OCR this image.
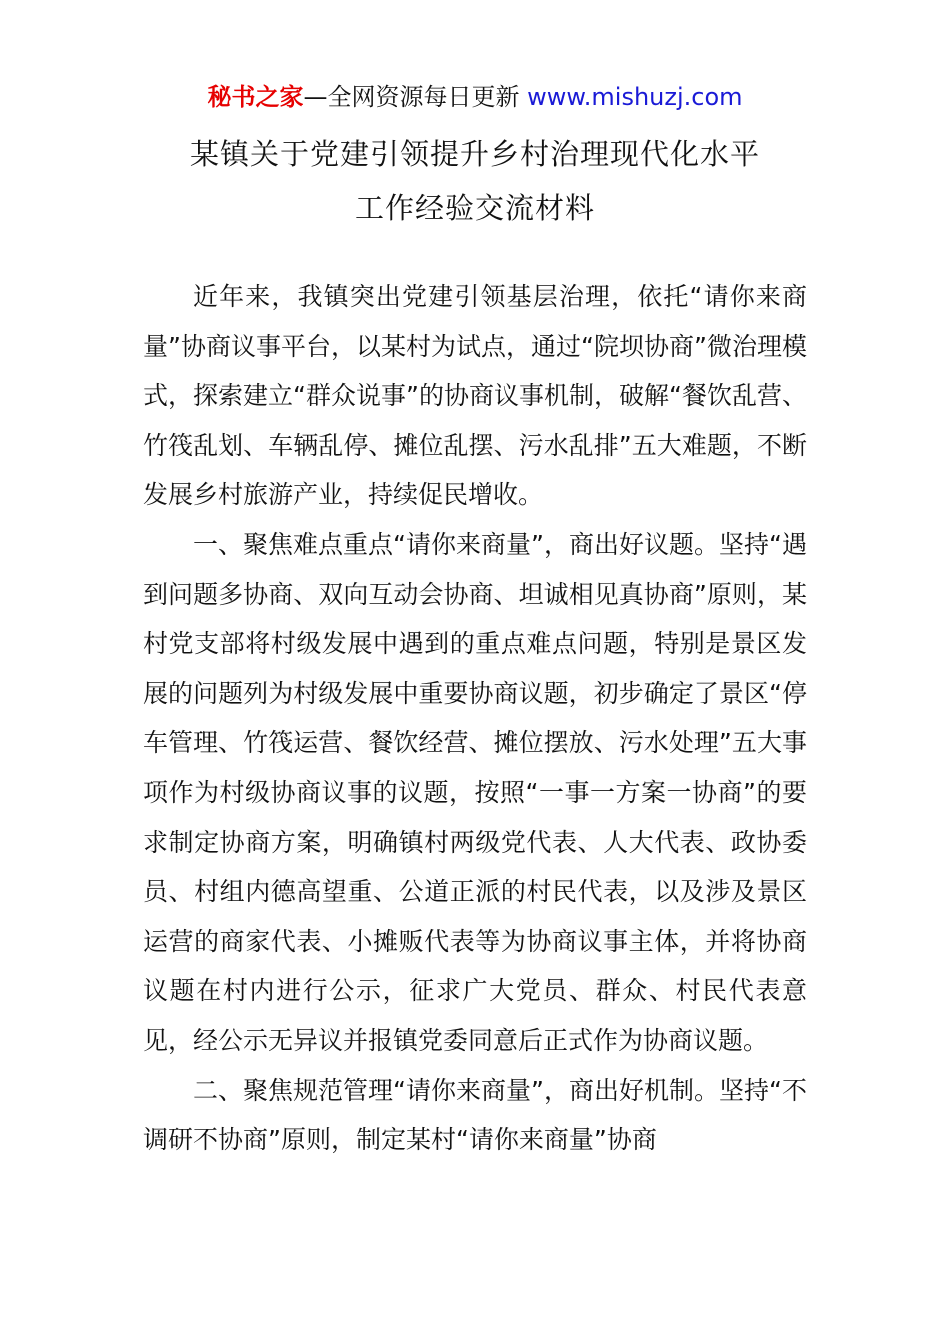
秘书之家—全网资源每日更新 www.mishuzj.com
某镇关于党建引领提升乡村治理现代化水平
工作经验交流材料

近年来，我镇突出党建引领基层治理，依托“请你来商量”协商议事平台，以某村为试点，通过“院坝协商”微治理模式，探索建立“群众说事”的协商议事机制，破解“餐饮乱营、竹筏乱划、车辆乱停、摊位乱摆、污水乱排”五大难题，不断发展乡村旅游产业，持续促民增收。

一、聚焦难点重点“请你来商量”，商出好议题。坚持“遇到问题多协商、双向互动会协商、坦诚相见真协商”原则，某村党支部将村级发展中遇到的重点难点问题，特别是景区发展的问题列为村级发展中重要协商议题，初步确定了景区“停车管理、竹筏运营、餐饮经营、摊位摆放、污水处理”五大事项作为村级协商议事的议题，按照“一事一方案一协商”的要求制定协商方案，明确镇村两级党代表、人大代表、政协委员、村组内德高望重、公道正派的村民代表，以及涉及景区运营的商家代表、小摊贩代表等为协商议事主体，并将协商议题在村内进行公示，征求广大党员、群众、村民代表意见，经公示无异议并报镇党委同意后正式作为协商议题。

二、聚焦规范管理“请你来商量”，商出好机制。坚持“不调研不协商”原则，制定某村“请你来商量”协商
